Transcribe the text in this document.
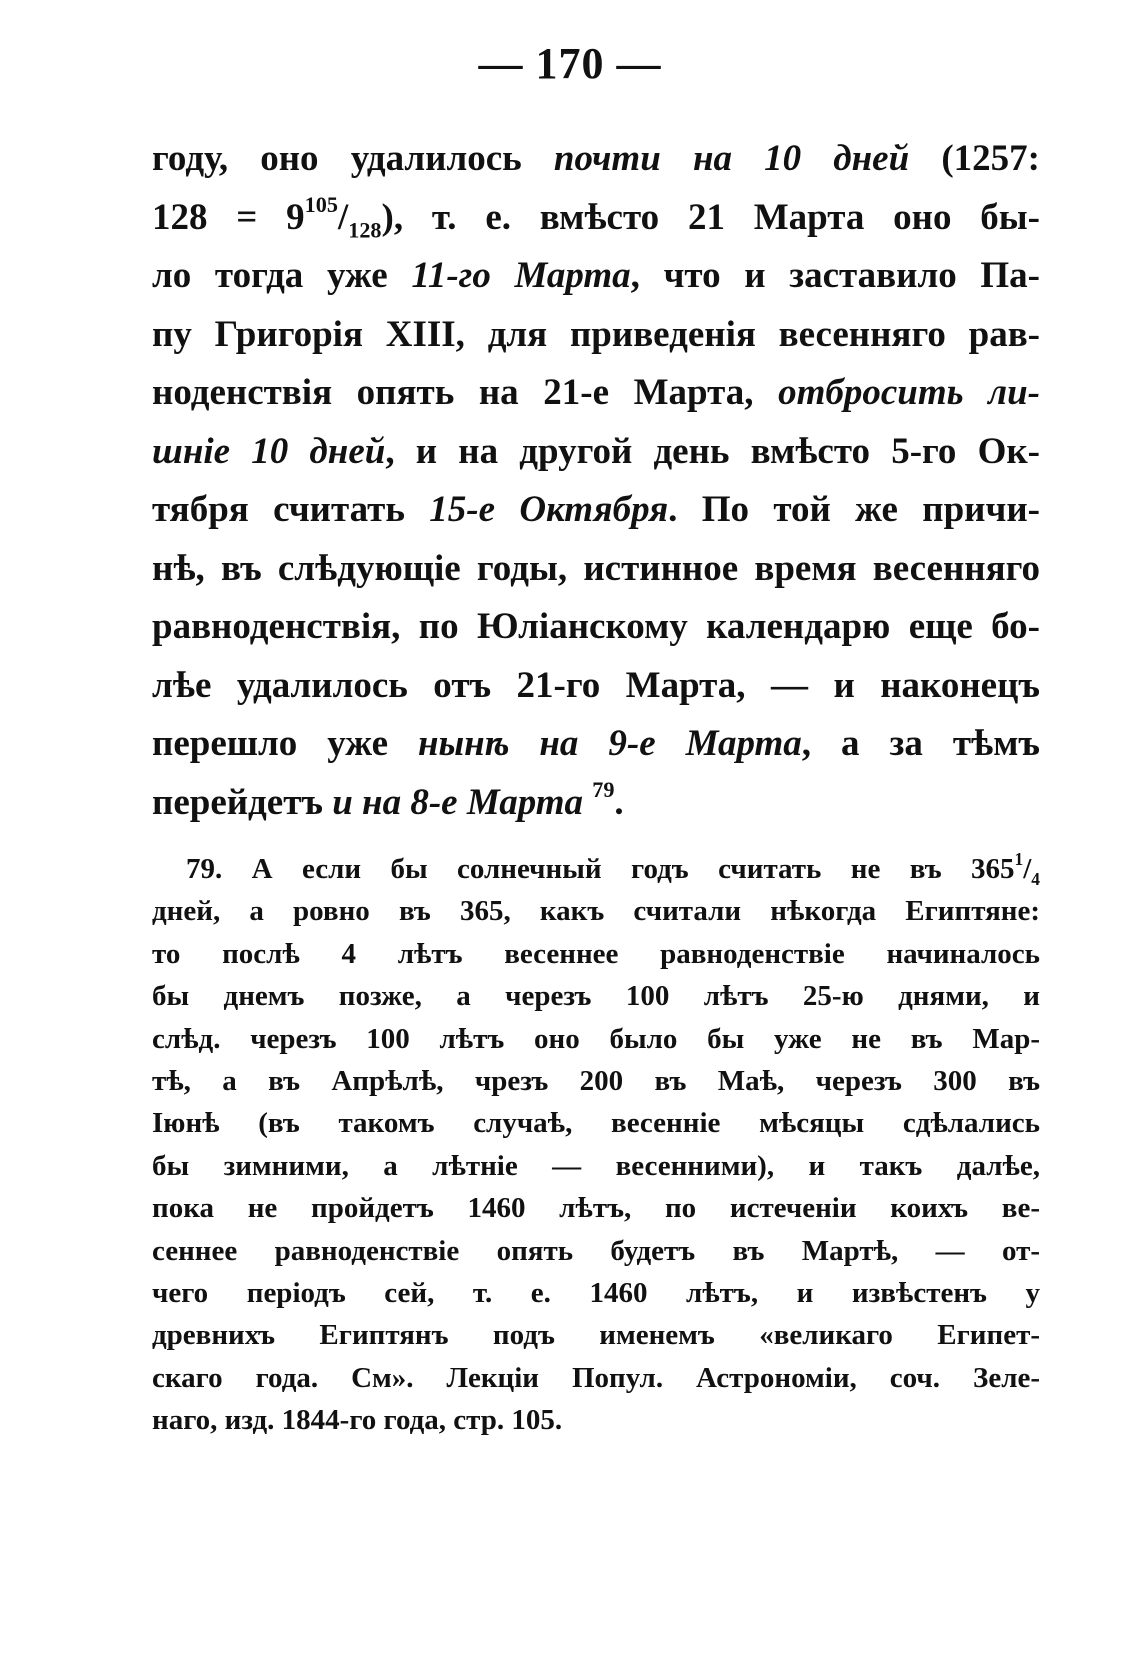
— 170 —
году, оно удалилось почти на 10 дней (1257:
$128 = 9^{105}/_{128}$), т. е. вмѣсто 21 Марта оно бы-
ло тогда уже 11-го Марта, что и заставило Па-
пу Григорія XIII, для приведенія весенняго рав-
ноденствія опять на 21-е Марта, отбросить ли-
шніе 10 дней, и на другой день вмѣсто 5-го Ок-
тября считать 15-е Октября. По той же причи-
нѣ, въ слѣдующіе годы, истинное время весенняго
равноденствія, по Юліанскому календарю еще бо-
лѣе удалилось отъ 21-го Марта, — и наконецъ
перешло уже нынѣ на 9-е Марта, а за тѣмъ
перейдетъ и на 8-е Марта $^{79}$.
79. А если бы солнечный годъ считать не въ $365^1/_4$
дней, а ровно въ 365, какъ считали нѣкогда Египтяне:
то послѣ 4 лѣтъ весеннее равноденствіе начиналось
бы днемъ позже, а черезъ 100 лѣтъ 25-ю днями, и
слѣд. черезъ 100 лѣтъ оно было бы уже не въ Мар-
тѣ, а въ Апрѣлѣ, чрезъ 200 въ Маѣ, черезъ 300 въ
Іюнѣ (въ такомъ случаѣ, весенніе мѣсяцы сдѣлались
бы зимними, а лѣтніе — весенними), и такъ далѣе,
пока не пройдетъ 1460 лѣтъ, по истеченіи коихъ ве-
сеннее равноденствіе опять будетъ въ Мартѣ, — от-
чего періодъ сей, т. е. 1460 лѣтъ, и извѣстенъ у
древнихъ Египтянъ подъ именемъ «великаго Египет-
скаго года. См». Лекціи Попул. Астрономіи, соч. Зеле-
наго, изд. 1844-го года, стр. 105.
